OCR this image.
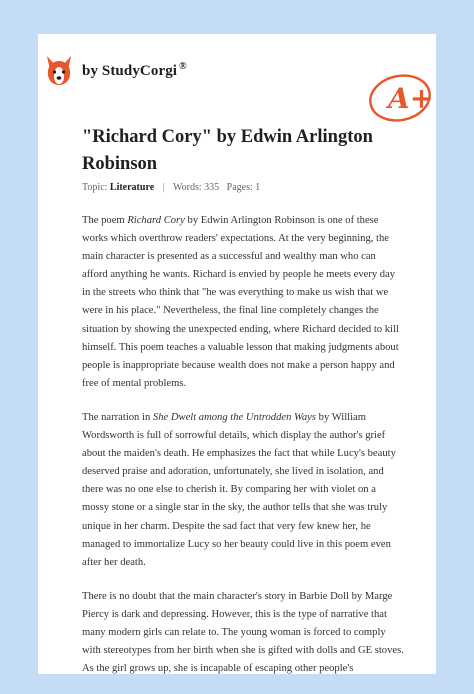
by StudyCorgi ®
A+
"Richard Cory" by Edwin Arlington Robinson
Topic: Literature | Words: 335 Pages: 1

The poem Richard Cory by Edwin Arlington Robinson is one of these works which overthrow readers' expectations. At the very beginning, the main character is presented as a successful and wealthy man who can afford anything he wants. Richard is envied by people he meets every day in the streets who think that "he was everything to make us wish that we were in his place." Nevertheless, the final line completely changes the situation by showing the unexpected ending, where Richard decided to kill himself. This poem teaches a valuable lesson that making judgments about people is inappropriate because wealth does not make a person happy and free of mental problems.

The narration in She Dwelt among the Untrodden Ways by William Wordsworth is full of sorrowful details, which display the author's grief about the maiden's death. He emphasizes the fact that while Lucy's beauty deserved praise and adoration, unfortunately, she lived in isolation, and there was no one else to cherish it. By comparing her with violet on a mossy stone or a single star in the sky, the author tells that she was truly unique in her charm. Despite the sad fact that very few knew her, he managed to immortalize Lucy so her beauty could live in this poem even after her death.

There is no doubt that the main character's story in Barbie Doll by Marge Piercy is dark and depressing. However, this is the type of narrative that many modern girls can relate to. The young woman is forced to comply with stereotypes from her birth when she is gifted with dolls and GE stoves. As the girl grows up, she is incapable of escaping other people's
